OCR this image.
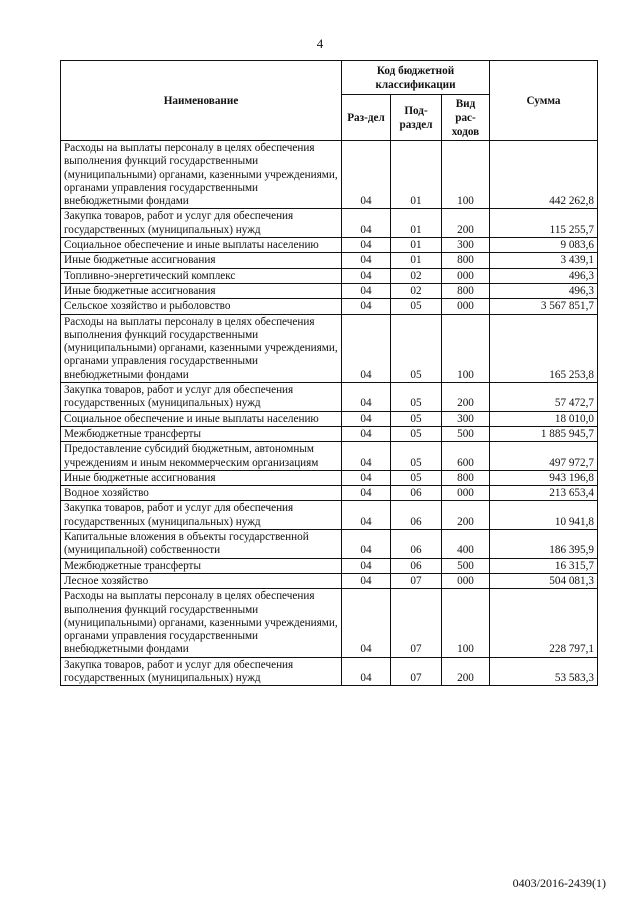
4
Наименование	Код бюджетной классификации			Сумма
	Раз-дел	Под-раздел	Вид рас-ходов	
Расходы на выплаты персоналу в целях обеспечения выполнения функций государственными (муниципальными) органами, казенными учреждениями, органами управления государственными внебюджетными фондами	04	01	100	442 262,8
Закупка товаров, работ и услуг для обеспечения государственных (муниципальных) нужд	04	01	200	115 255,7
Социальное обеспечение и иные выплаты населению	04	01	300	9 083,6
Иные бюджетные ассигнования	04	01	800	3 439,1
Топливно-энергетический комплекс	04	02	000	496,3
Иные бюджетные ассигнования	04	02	800	496,3
Сельское хозяйство и рыболовство	04	05	000	3 567 851,7
Расходы на выплаты персоналу в целях обеспечения выполнения функций государственными (муниципальными) органами, казенными учреждениями, органами управления государственными внебюджетными фондами	04	05	100	165 253,8
Закупка товаров, работ и услуг для обеспечения государственных (муниципальных) нужд	04	05	200	57 472,7
Социальное обеспечение и иные выплаты населению	04	05	300	18 010,0
Межбюджетные трансферты	04	05	500	1 885 945,7
Предоставление субсидий бюджетным, автономным учреждениям и иным некоммерческим организациям	04	05	600	497 972,7
Иные бюджетные ассигнования	04	05	800	943 196,8
Водное хозяйство	04	06	000	213 653,4
Закупка товаров, работ и услуг для обеспечения государственных (муниципальных) нужд	04	06	200	10 941,8
Капитальные вложения в объекты государственной (муниципальной) собственности	04	06	400	186 395,9
Межбюджетные трансферты	04	06	500	16 315,7
Лесное хозяйство	04	07	000	504 081,3
Расходы на выплаты персоналу в целях обеспечения выполнения функций государственными (муниципальными) органами, казенными учреждениями, органами управления государственными внебюджетными фондами	04	07	100	228 797,1
Закупка товаров, работ и услуг для обеспечения государственных (муниципальных) нужд	04	07	200	53 583,3
0403/2016-2439(1)
